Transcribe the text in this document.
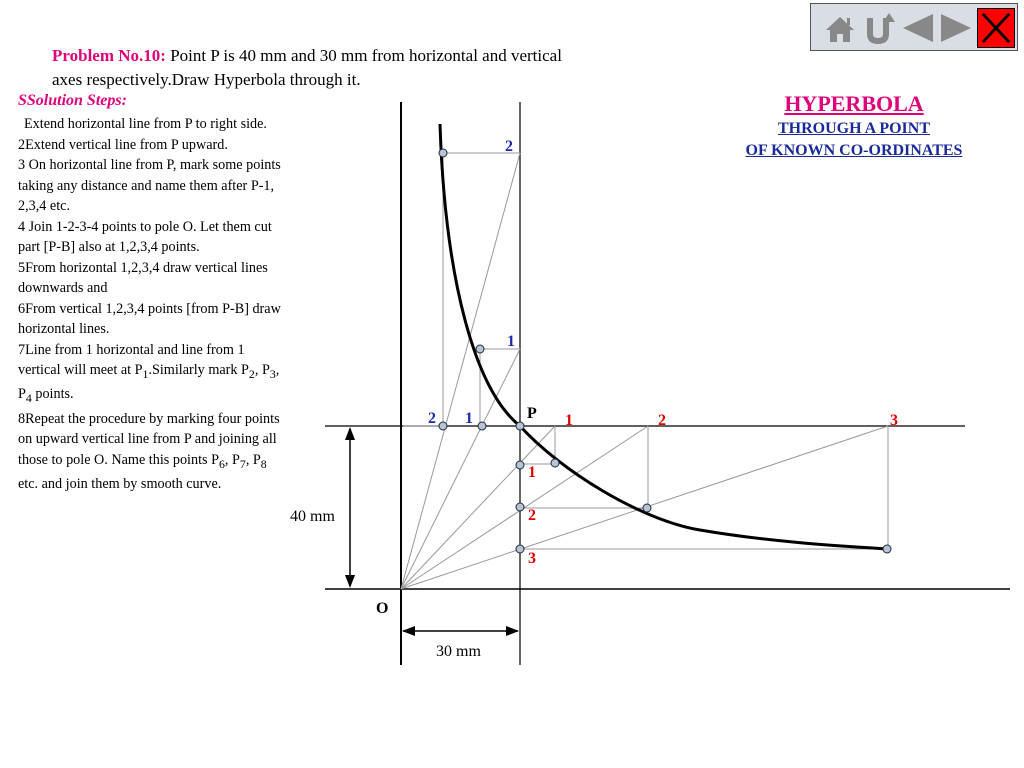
Problem No.10: Point P is 40 mm and 30 mm from horizontal and vertical axes respectively.Draw Hyperbola through it.
SSolution Steps:

Extend horizontal line from P to right side.

2Extend vertical line from P upward.

3 On horizontal line from P, mark some points taking any distance and name them after P-1, 2,3,4 etc.

4 Join 1-2-3-4 points to pole O. Let them cut part [P-B] also at 1,2,3,4 points.

5From horizontal 1,2,3,4 draw vertical lines downwards and

6From vertical 1,2,3,4 points [from P-B] draw horizontal lines.

7Line from 1 horizontal and line from 1 vertical will meet at $P_1.Similarly$ mark $P_2$, $P_3$, $P_4$ points.

8Repeat the procedure by marking four points on upward vertical line from P and joining all those to pole O. Name this points $P_6$, $P_7$, $P_8$ etc. and join them by smooth curve.

HYPERBOLA
THROUGH A POINT
OF KNOWN CO-ORDINATES
2
1
2 1	P 1	2	3
1
2
3
O
40 mm
30 mm
